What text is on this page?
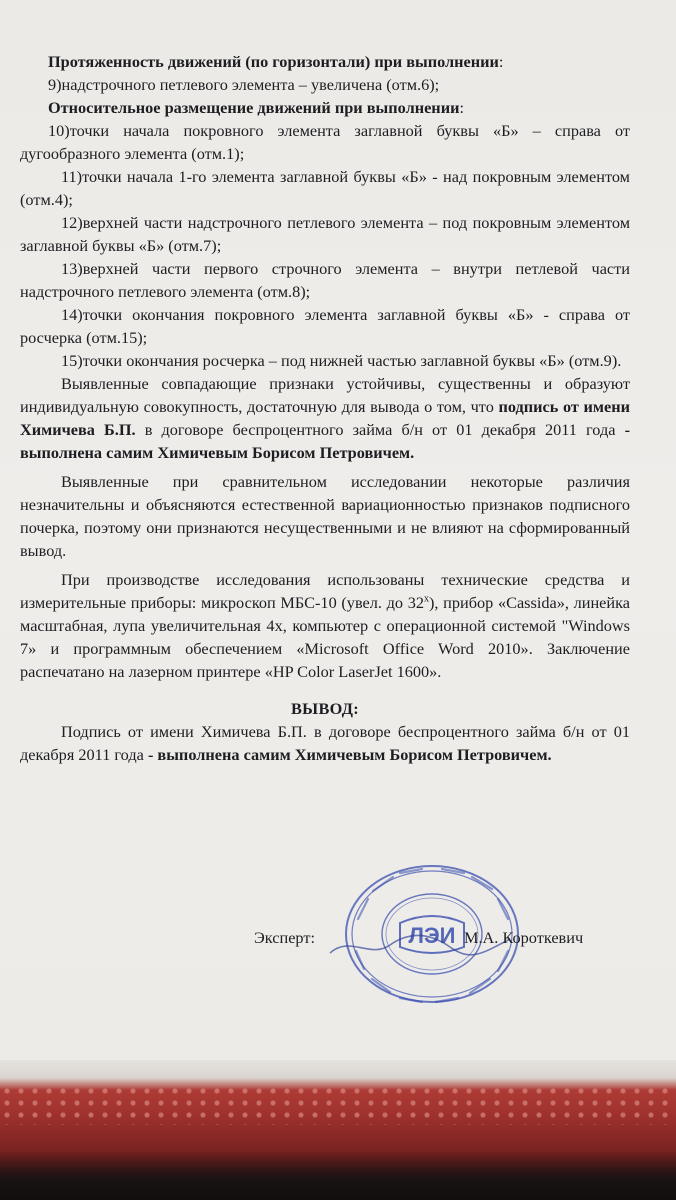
Протяженность движений (по горизонтали) при выполнении:

9)надстрочного петлевого элемента – увеличена (отм.6);

Относительное размещение движений при выполнении:

10)точки начала покровного элемента заглавной буквы «Б» – справа от дугообразного элемента (отм.1);

11)точки начала 1-го элемента заглавной буквы «Б» - над покровным элементом (отм.4);

12)верхней части надстрочного петлевого элемента – под покровным элементом заглавной буквы «Б» (отм.7);

13)верхней части первого строчного элемента – внутри петлевой части надстрочного петлевого элемента (отм.8);

14)точки окончания покровного элемента заглавной буквы «Б» - справа от росчерка (отм.15);

15)точки окончания росчерка – под нижней частью заглавной буквы «Б» (отм.9).

Выявленные совпадающие признаки устойчивы, существенны и образуют индивидуальную совокупность, достаточную для вывода о том, что подпись от имени Химичева Б.П. в договоре беспроцентного займа б/н от 01 декабря 2011 года - выполнена самим Химичевым Борисом Петровичем.

Выявленные при сравнительном исследовании некоторые различия незначительны и объясняются естественной вариационностью признаков подписного почерка, поэтому они признаются несущественными и не влияют на сформированный вывод.

При производстве исследования использованы технические средства и измерительные приборы: микроскоп МБС-10 (увел. до $32^х$), прибор «Cassida», линейка масштабная, лупа увеличительная 4х, компьютер с операционной системой "Windows 7» и программным обеспечением «Microsoft Office Word 2010». Заключение распечатано на лазерном принтере «HP Color LaserJet 1600».

ВЫВОД:

Подпись от имени Химичева Б.П. в договоре беспроцентного займа б/н от 01 декабря 2011 года - выполнена самим Химичевым Борисом Петровичем.

Эксперт:	ЛЭИ М.А. Короткевич
